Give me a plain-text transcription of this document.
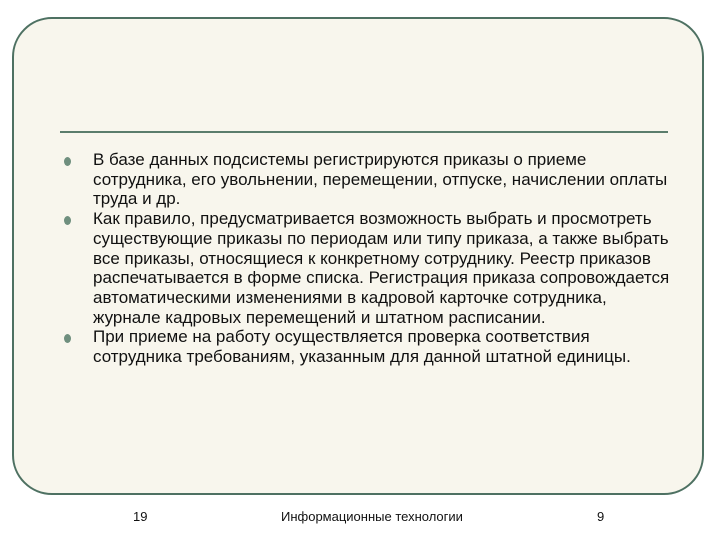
В базе данных подсистемы регистрируются приказы о приеме сотрудника, его увольнении, перемещении, отпуске, начислении оплаты труда и др.
Как правило, предусматривается возможность выбрать и просмотреть существующие приказы по периодам или типу приказа, а также выбрать все приказы, относящиеся к конкретному сотруднику. Реестр приказов распечатывается в форме списка. Регистрация приказа сопровождается автоматическими изменениями в кадровой карточке сотрудника, журнале кадровых перемещений и штатном расписании.
При приеме на работу осуществляется проверка соответствия сотрудника требованиям, указанным для данной штатной единицы.
19	Информационные технологии	9
